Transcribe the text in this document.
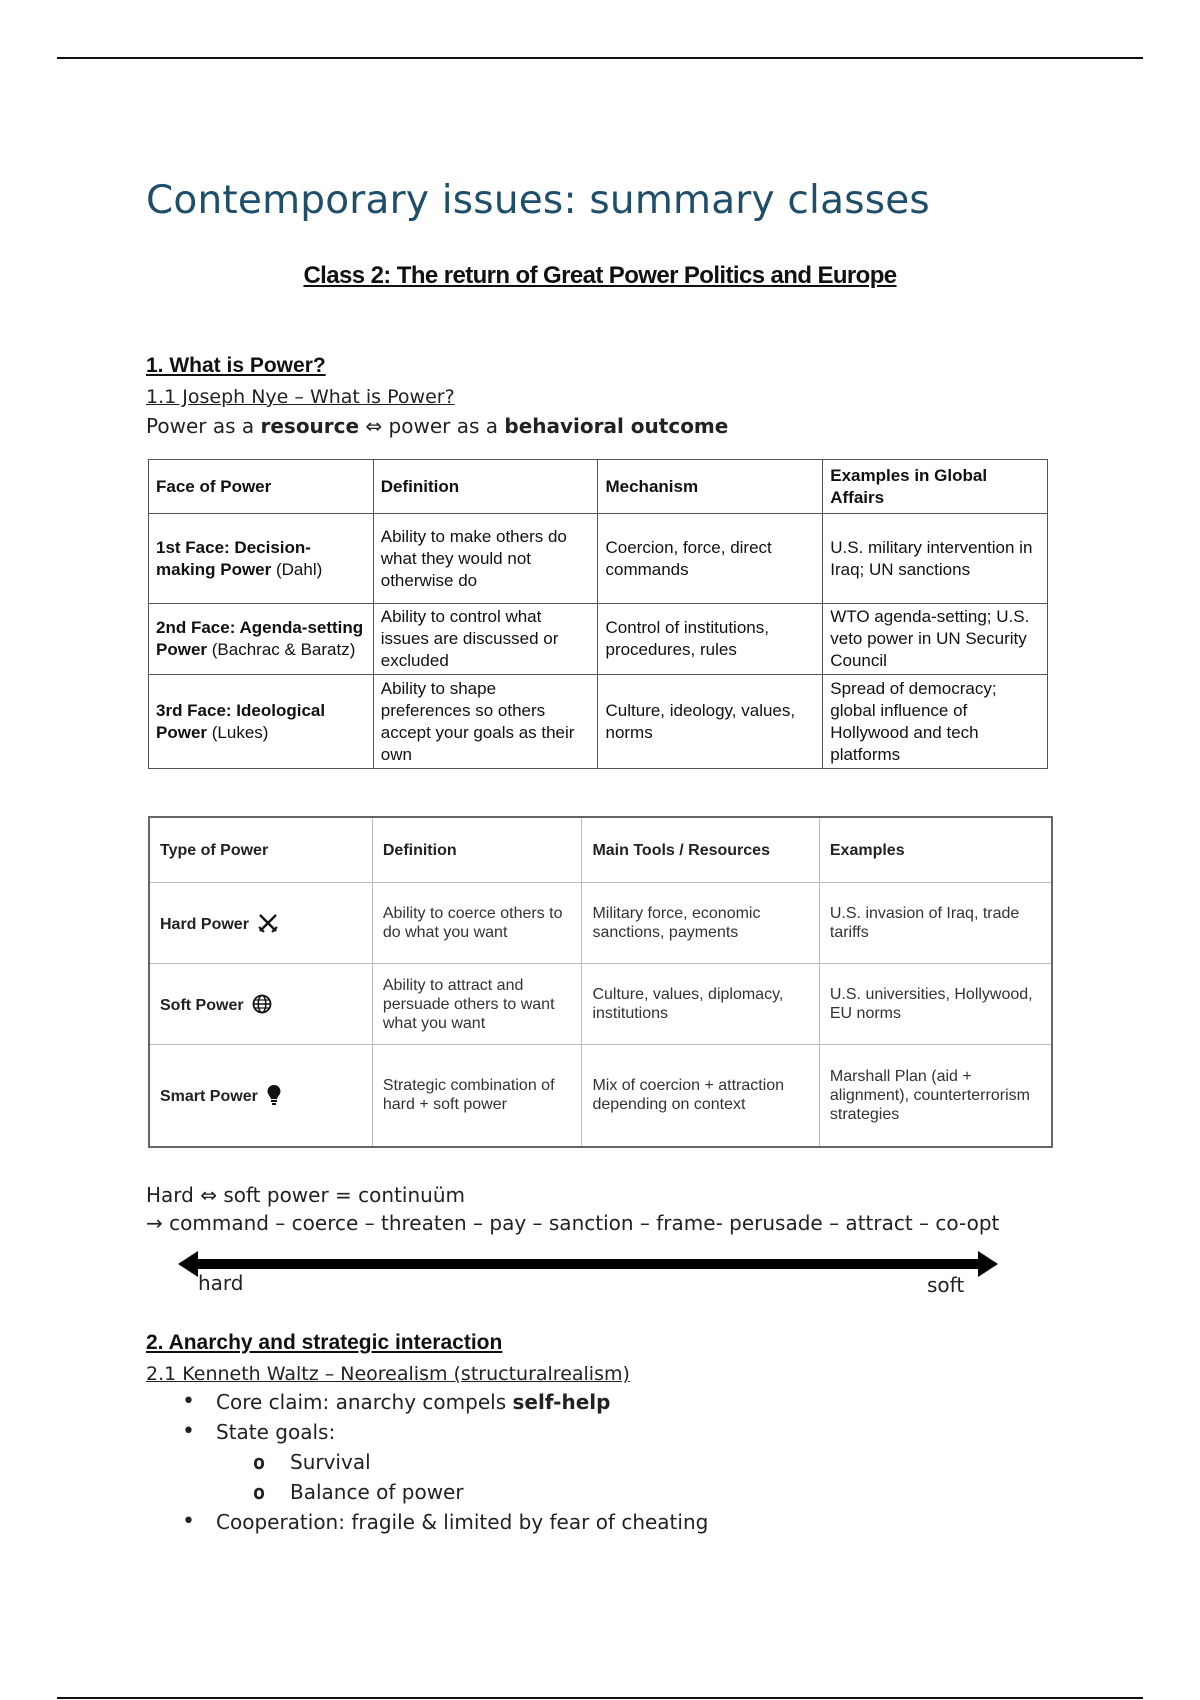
Contemporary issues: summary classes
Class 2: The return of Great Power Politics and Europe
1. What is Power?
1.1 Joseph Nye – What is Power?
Power as a resource ⇔ power as a behavioral outcome
Face of Power	Definition	Mechanism	Examples in Global Affairs
1st Face: Decision-making Power (Dahl)	Ability to make others do what they would not otherwise do	Coercion, force, direct commands	U.S. military intervention in Iraq; UN sanctions
2nd Face: Agenda-setting Power (Bachrac & Baratz)	Ability to control what issues are discussed or excluded	Control of institutions, procedures, rules	WTO agenda-setting; U.S. veto power in UN Security Council
3rd Face: Ideological Power (Lukes)	Ability to shape preferences so others accept your goals as their own	Culture, ideology, values, norms	Spread of democracy; global influence of Hollywood and tech platforms
Type of Power	Definition	Main Tools / Resources	Examples
Hard Power	Ability to coerce others to do what you want	Military force, economic sanctions, payments	U.S. invasion of Iraq, trade tariffs
Soft Power	Ability to attract and persuade others to want what you want	Culture, values, diplomacy, institutions	U.S. universities, Hollywood, EU norms
Smart Power	Strategic combination of hard + soft power	Mix of coercion + attraction depending on context	Marshall Plan (aid + alignment), counterterrorism strategies
Hard ⇔ soft power = continuüm
→ command – coerce – threaten – pay – sanction – frame- perusade – attract – co-opt
hard	soft
2. Anarchy and strategic interaction
2.1 Kenneth Waltz – Neorealism (structuralrealism)
• Core claim: anarchy compels self-help
• State goals:
o Survival
o Balance of power
• Cooperation: fragile & limited by fear of cheating
